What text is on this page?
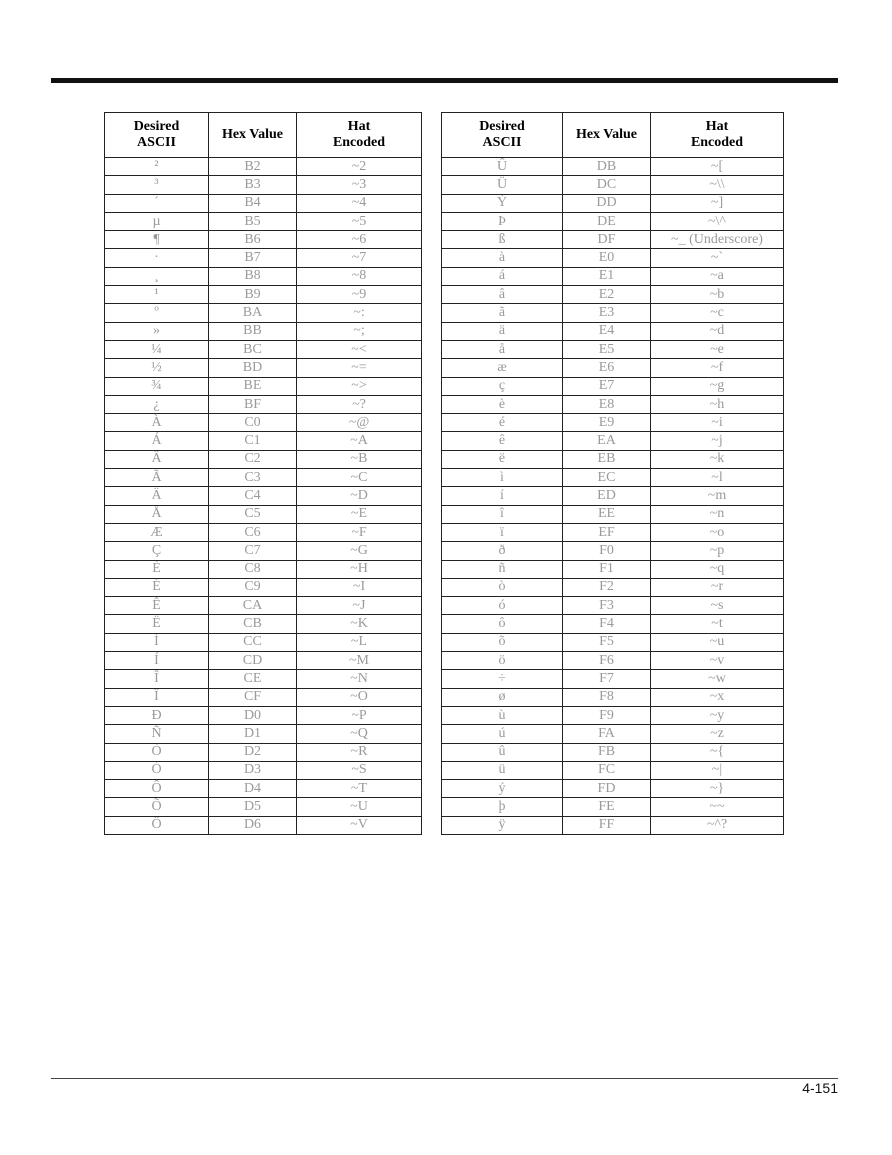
Desired
ASCII	Hex Value	Hat
Encoded

²	B2	~2
³	B3	~3
´	B4	~4
µ	B5	~5
¶	B6	~6
·	B7	~7
¸	B8	~8
¹	B9	~9
º	BA	~:
»	BB	~;
¼	BC	~<
½	BD	~=
¾	BE	~>
¿	BF	~?
À	C0	~@
Á	C1	~A
Â	C2	~B
Ã	C3	~C
Ä	C4	~D
Å	C5	~E
Æ	C6	~F
Ç	C7	~G
È	C8	~H
É	C9	~I
Ê	CA	~J
Ë	CB	~K
Ì	CC	~L
Í	CD	~M
Î	CE	~N
Ï	CF	~O
Ð	D0	~P
Ñ	D1	~Q
Ò	D2	~R
Ó	D3	~S
Ô	D4	~T
Õ	D5	~U
Ö	D6	~V
Desired
ASCII	Hex Value	Hat
Encoded

Û	DB	~[
Ü	DC	~\\
Ý	DD	~]
Þ	DE	~\^
ß	DF	~_ (Underscore)
à	E0	~`
á	E1	~a
â	E2	~b
ã	E3	~c
ä	E4	~d
å	E5	~e
æ	E6	~f
ç	E7	~g
è	E8	~h
é	E9	~i
ê	EA	~j
ë	EB	~k
ì	EC	~l
í	ED	~m
î	EE	~n
ï	EF	~o
ð	F0	~p
ñ	F1	~q
ò	F2	~r
ó	F3	~s
ô	F4	~t
õ	F5	~u
ö	F6	~v
÷	F7	~w
ø	F8	~x
ù	F9	~y
ú	FA	~z
û	FB	~{
ü	FC	~|
ý	FD	~}
þ	FE	~~
ÿ	FF	~^?
4-151
